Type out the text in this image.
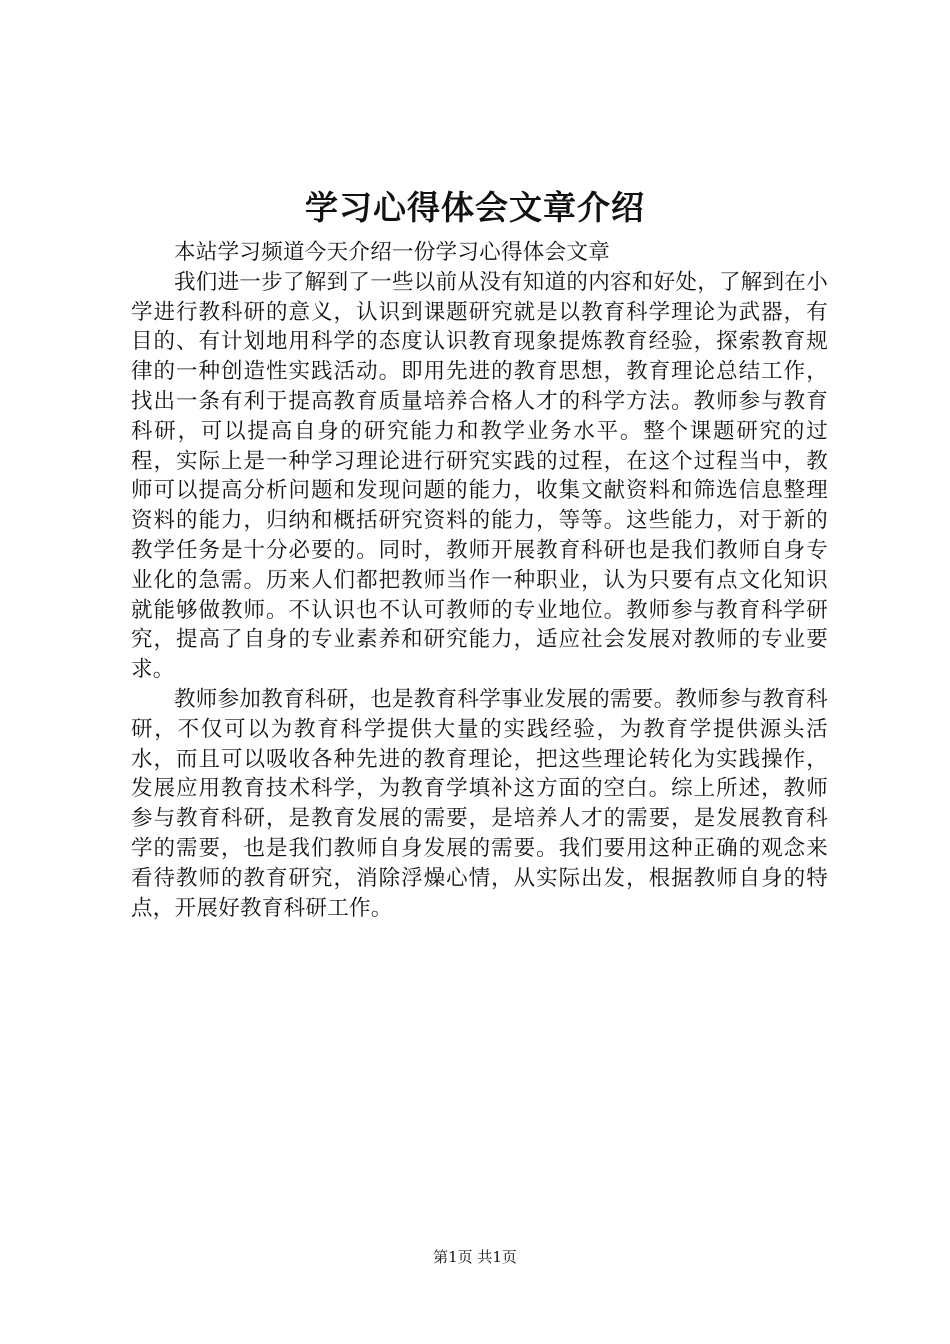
学习心得体会文章介绍

本站学习频道今天介绍一份学习心得体会文章

我们进一步了解到了一些以前从没有知道的内容和好处，了解到在小学进行教科研的意义，认识到课题研究就是以教育科学理论为武器，有目的、有计划地用科学的态度认识教育现象提炼教育经验，探索教育规律的一种创造性实践活动。即用先进的教育思想，教育理论总结工作，找出一条有利于提高教育质量培养合格人才的科学方法。教师参与教育科研，可以提高自身的研究能力和教学业务水平。整个课题研究的过程，实际上是一种学习理论进行研究实践的过程，在这个过程当中，教师可以提高分析问题和发现问题的能力，收集文献资料和筛选信息整理资料的能力，归纳和概括研究资料的能力，等等。这些能力，对于新的教学任务是十分必要的。同时，教师开展教育科研也是我们教师自身专业化的急需。历来人们都把教师当作一种职业，认为只要有点文化知识就能够做教师。不认识也不认可教师的专业地位。教师参与教育科学研究，提高了自身的专业素养和研究能力，适应社会发展对教师的专业要求。

教师参加教育科研，也是教育科学事业发展的需要。教师参与教育科研，不仅可以为教育科学提供大量的实践经验，为教育学提供源头活水，而且可以吸收各种先进的教育理论，把这些理论转化为实践操作，发展应用教育技术科学，为教育学填补这方面的空白。综上所述，教师参与教育科研，是教育发展的需要，是培养人才的需要，是发展教育科学的需要，也是我们教师自身发展的需要。我们要用这种正确的观念来看待教师的教育研究，消除浮燥心情，从实际出发，根据教师自身的特点，开展好教育科研工作。

第1页 共1页
